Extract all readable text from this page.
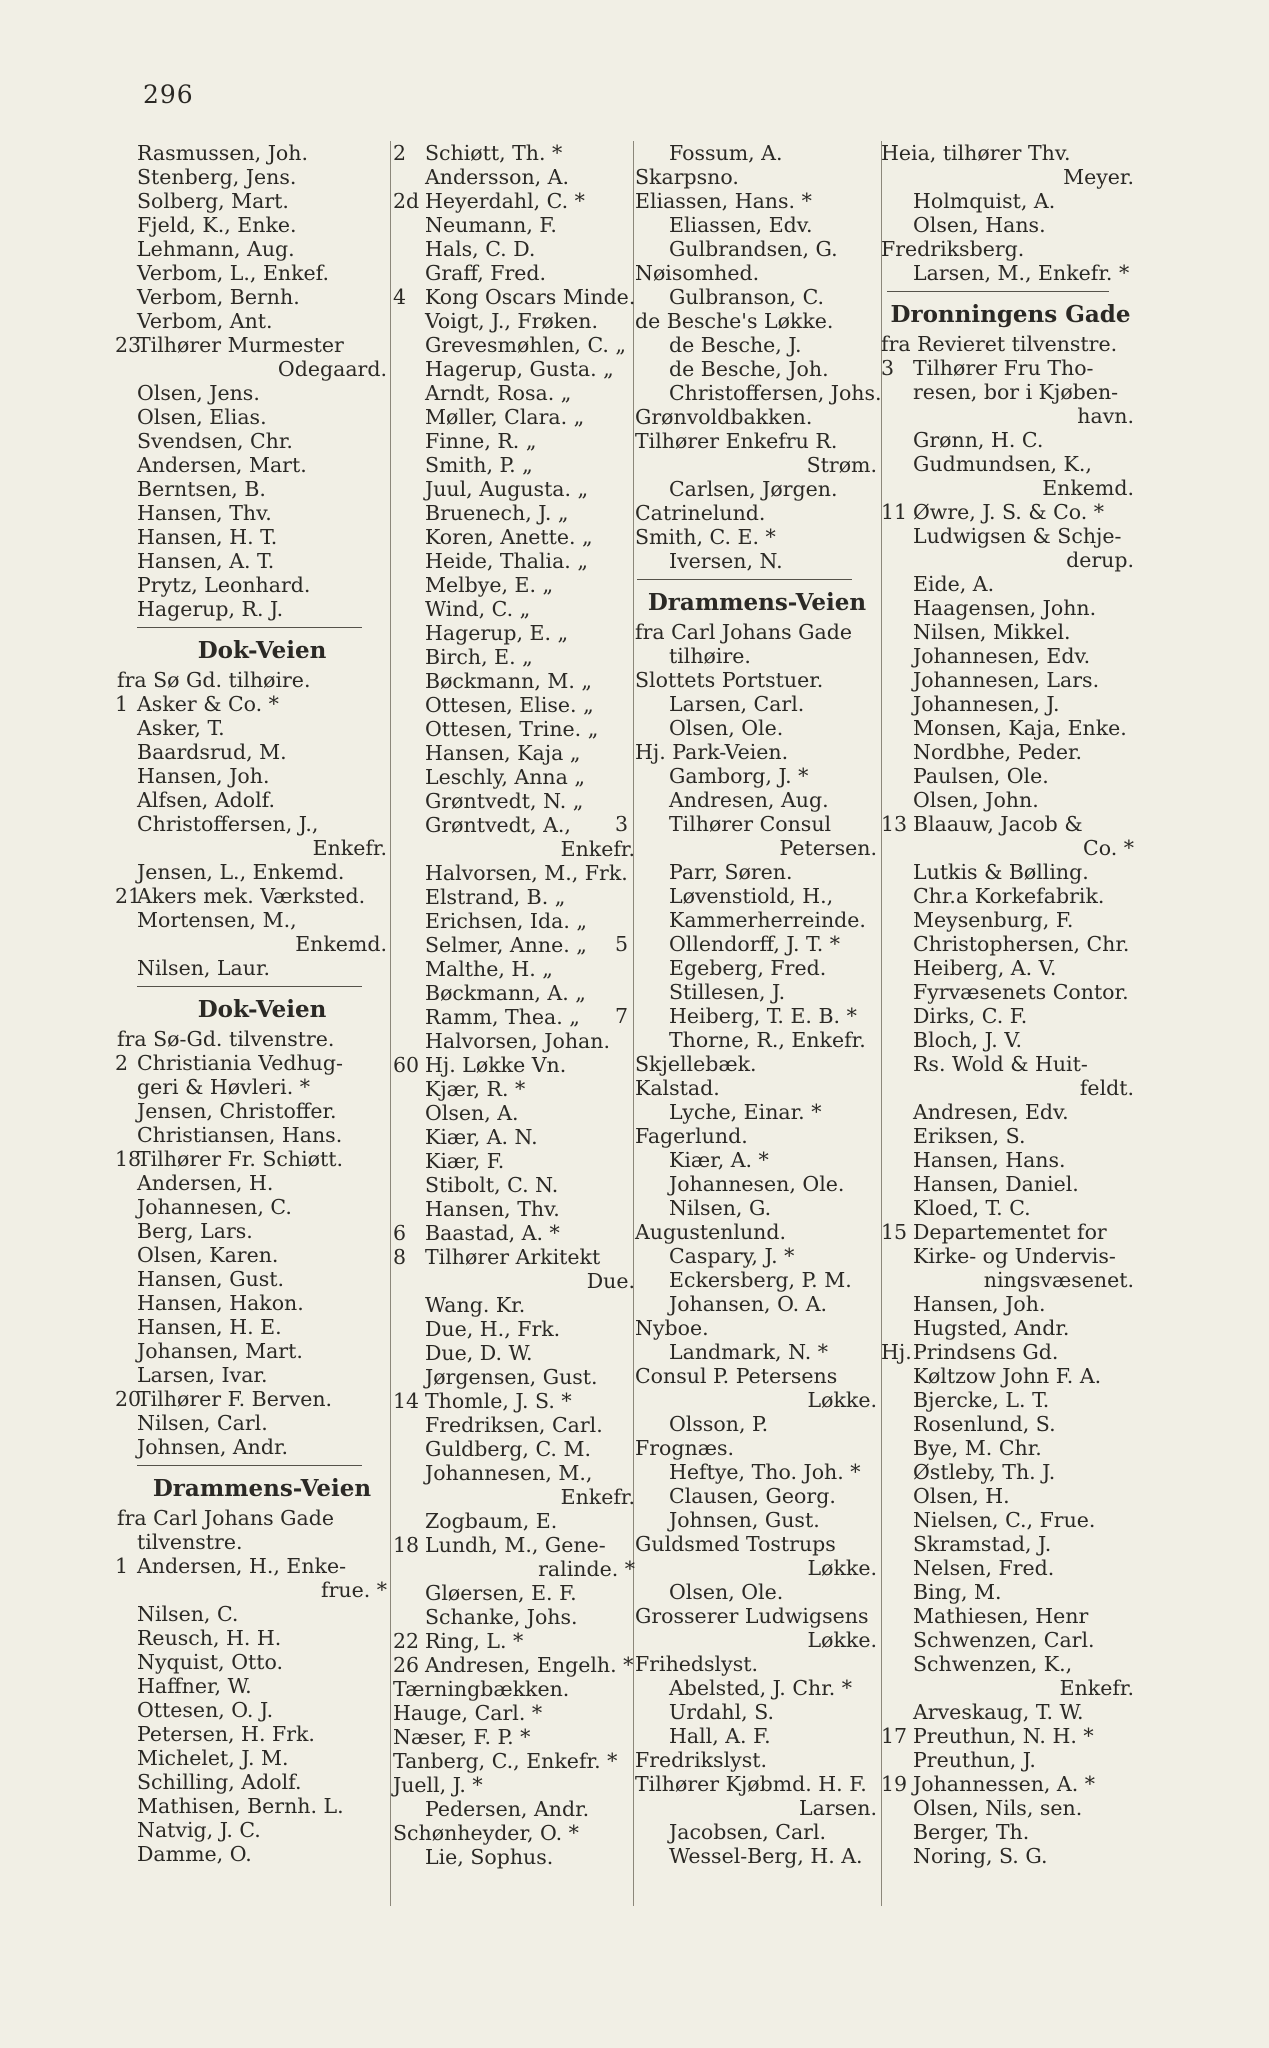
296
Rasmussen, Joh.
Stenberg, Jens.
Solberg, Mart.
Fjeld, K., Enke.
Lehmann, Aug.
Verbom, L., Enkef.
Verbom, Bernh.
Verbom, Ant.
23
Tilhører Murmester
Odegaard.
Olsen, Jens.
Olsen, Elias.
Svendsen, Chr.
Andersen, Mart.
Berntsen, B.
Hansen, Thv.
Hansen, H. T.
Hansen, A. T.
Prytz, Leonhard.
Hagerup, R. J.
Dok-Veien
fra Sø Gd. tilhøire.
1 Asker & Co. *
Asker, T.
Baardsrud, M.
Hansen, Joh.
Alfsen, Adolf.
Christoffersen, J.,
Enkefr.
Jensen, L., Enkemd.
21
Akers mek. Værksted.
Mortensen, M.,
Enkemd.
Nilsen, Laur.
Dok-Veien
fra Sø-Gd. tilvenstre.
2 Christiania Vedhug-
geri & Høvleri. *
Jensen, Christoffer.
Christiansen, Hans.
18
Tilhører Fr. Schiøtt.
Andersen, H.
Johannesen, C.
Berg, Lars.
Olsen, Karen.
Hansen, Gust.
Hansen, Hakon.
Hansen, H. E.
Johansen, Mart.
Larsen, Ivar.
20
Tilhører F. Berven.
Nilsen, Carl.
Johnsen, Andr.
Drammens-Veien
fra Carl Johans Gade
tilvenstre.
1 Andersen, H., Enke-
frue. *
Nilsen, C.
Reusch, H. H.
Nyquist, Otto.
Haffner, W.
Ottesen, O. J.
Petersen, H. Frk.
Michelet, J. M.
Schilling, Adolf.
Mathisen, Bernh. L.
Natvig, J. C.
Damme, O.
2 Schiøtt, Th. *
Andersson, A.
2d Heyerdahl, C. *
Neumann, F.
Hals, C. D.
Graff, Fred.
4 Kong Oscars Minde.
Voigt, J., Frøken.
Grevesmøhlen, C. „
Hagerup, Gusta. „
Arndt, Rosa. „
Møller, Clara. „
Finne, R. „
Smith, P. „
Juul, Augusta. „
Bruenech, J. „
Koren, Anette. „
Heide, Thalia. „
Melbye, E. „
Wind, C. „
Hagerup, E. „
Birch, E. „
Bøckmann, M. „
Ottesen, Elise. „
Ottesen, Trine. „
Hansen, Kaja „
Leschly, Anna „
Grøntvedt, N. „
Grøntvedt, A.,
Enkefr.
Halvorsen, M., Frk.
Elstrand, B. „
Erichsen, Ida. „
Selmer, Anne. „
Malthe, H. „
Bøckmann, A. „
Ramm, Thea. „
Halvorsen, Johan.
60 Hj. Løkke Vn.
Kjær, R. *
Olsen, A.
Kiær, A. N.
Kiær, F.
Stibolt, C. N.
Hansen, Thv.
6 Baastad, A. *
8 Tilhører Arkitekt
Due.
Wang. Kr.
Due, H., Frk.
Due, D. W.
Jørgensen, Gust.
14 Thomle, J. S. *
Fredriksen, Carl.
Guldberg, C. M.
Johannesen, M.,
Enkefr.
Zogbaum, E.
18 Lundh, M., Gene-
ralinde. *
Gløersen, E. F.
Schanke, Johs.
22 Ring, L. *
26 Andresen, Engelh. *
Tærningbækken.
Hauge, Carl. *
Næser, F. P. *
Tanberg, C., Enkefr. *
Juell, J. *
Pedersen, Andr.
Schønheyder, O. *
Lie, Sophus.
Fossum, A.
Skarpsno.
Eliassen, Hans. *
Eliassen, Edv.
Gulbrandsen, G.
Nøisomhed.
Gulbranson, C.
de Besche's Løkke.
de Besche, J.
de Besche, Joh.
Christoffersen, Johs.
Grønvoldbakken.
Tilhører Enkefru R.
Strøm.
Carlsen, Jørgen.
Catrinelund.
Smith, C. E. *
Iversen, N.
Drammens-Veien
fra Carl Johans Gade
tilhøire.
Slottets Portstuer.
Larsen, Carl.
Olsen, Ole.
Hj. Park-Veien.
Gamborg, J. *
Andresen, Aug.
3 Tilhører Consul
Petersen.
Parr, Søren.
Løvenstiold, H.,
Kammerherreinde.
5 Ollendorff, J. T. *
Egeberg, Fred.
Stillesen, J.
7 Heiberg, T. E. B. *
Thorne, R., Enkefr.
Skjellebæk.
Kalstad.
Lyche, Einar. *
Fagerlund.
Kiær, A. *
Johannesen, Ole.
Nilsen, G.
Augustenlund.
Caspary, J. *
Eckersberg, P. M.
Johansen, O. A.
Nyboe.
Landmark, N. *
Consul P. Petersens
Løkke.
Olsson, P.
Frognæs.
Heftye, Tho. Joh. *
Clausen, Georg.
Johnsen, Gust.
Guldsmed Tostrups
Løkke.
Olsen, Ole.
Grosserer Ludwigsens
Løkke.
Frihedslyst.
Abelsted, J. Chr. *
Urdahl, S.
Hall, A. F.
Fredrikslyst.
Tilhører Kjøbmd. H. F.
Larsen.
Jacobsen, Carl.
Wessel-Berg, H. A.
Heia, tilhører Thv.
Meyer.
Holmquist, A.
Olsen, Hans.
Fredriksberg.
Larsen, M., Enkefr. *
Dronningens Gade
fra Revieret tilvenstre.
3 Tilhører Fru Tho-
resen, bor i Kjøben-
havn.
Grønn, H. C.
Gudmundsen, K.,
Enkemd.
11 Øwre, J. S. & Co. *
Ludwigsen & Schje-
derup.
Eide, A.
Haagensen, John.
Nilsen, Mikkel.
Johannesen, Edv.
Johannesen, Lars.
Johannesen, J.
Monsen, Kaja, Enke.
Nordbhe, Peder.
Paulsen, Ole.
Olsen, John.
13 Blaauw, Jacob &
Co. *
Lutkis & Bølling.
Chr.a Korkefabrik.
Meysenburg, F.
Christophersen, Chr.
Heiberg, A. V.
Fyrvæsenets Contor.
Dirks, C. F.
Bloch, J. V.
Rs. Wold & Huit-
feldt.
Andresen, Edv.
Eriksen, S.
Hansen, Hans.
Hansen, Daniel.
Kloed, T. C.
15 Departementet for
Kirke- og Undervis-
ningsvæsenet.
Hansen, Joh.
Hugsted, Andr.
Hj. Prindsens Gd.
Køltzow John F. A.
Bjercke, L. T.
Rosenlund, S.
Bye, M. Chr.
Østleby, Th. J.
Olsen, H.
Nielsen, C., Frue.
Skramstad, J.
Nelsen, Fred.
Bing, M.
Mathiesen, Henr
Schwenzen, Carl.
Schwenzen, K.,
Enkefr.
Arveskaug, T. W.
17 Preuthun, N. H. *
Preuthun, J.
19 Johannessen, A. *
Olsen, Nils, sen.
Berger, Th.
Noring, S. G.
